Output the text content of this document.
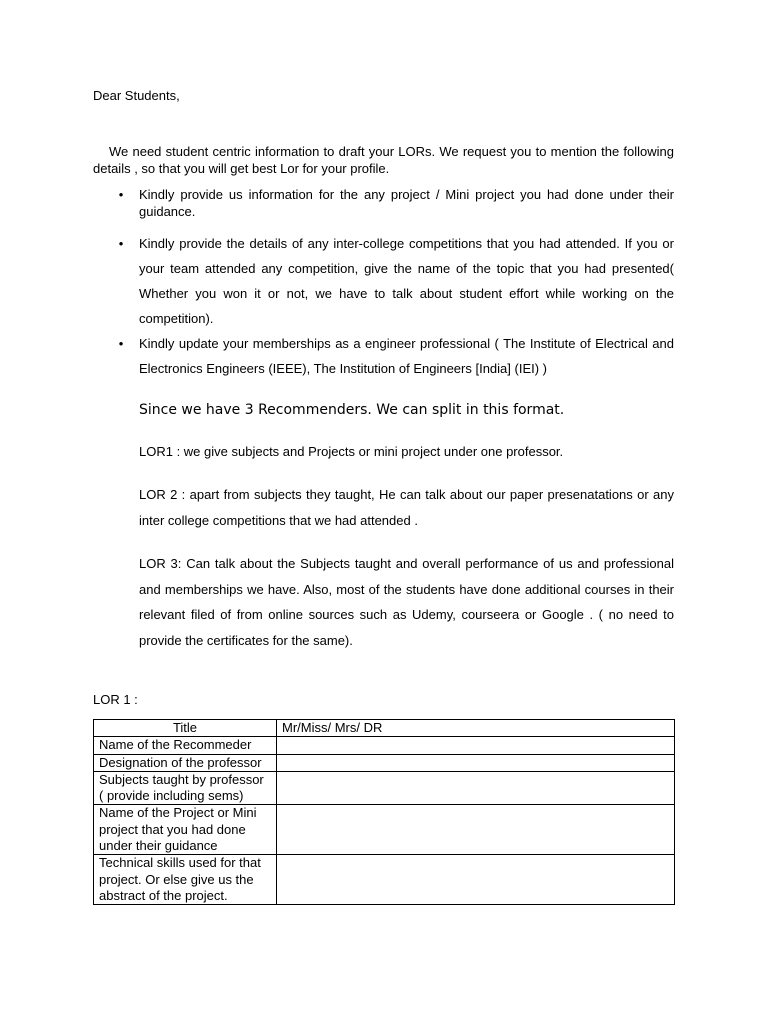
Dear Students,

We need student centric information to draft your LORs. We request you to mention the following details , so that you will get best Lor for your profile.

• Kindly provide us information for the any project / Mini project you had done under their guidance.
• Kindly provide the details of any inter-college competitions that you had attended. If you or your team attended any competition, give the name of the topic that you had presented( Whether you won it or not, we have to talk about student effort while working on the competition).
• Kindly update your memberships as a engineer professional ( The Institute of Electrical and Electronics Engineers (IEEE), The Institution of Engineers [India] (IEI) )
Since we have 3 Recommenders. We can split in this format.

LOR1 : we give subjects and Projects or mini project under one professor.

LOR 2 : apart from subjects they taught, He can talk about our paper presenatations or any inter college competitions that we had attended .

LOR 3: Can talk about the Subjects taught and overall performance of us and professional and memberships we have. Also, most of the students have done additional courses in their relevant filed of from online sources such as Udemy, courseera or Google . ( no need to provide the certificates for the same).

LOR 1 :
Title	Mr/Miss/ Mrs/ DR
Name of the Recommeder	
Designation of the professor	
Subjects taught by professor ( provide including sems)	
Name of the Project or Mini project that you had done under their guidance	
Technical skills used for that project. Or else give us the abstract of the project.	
